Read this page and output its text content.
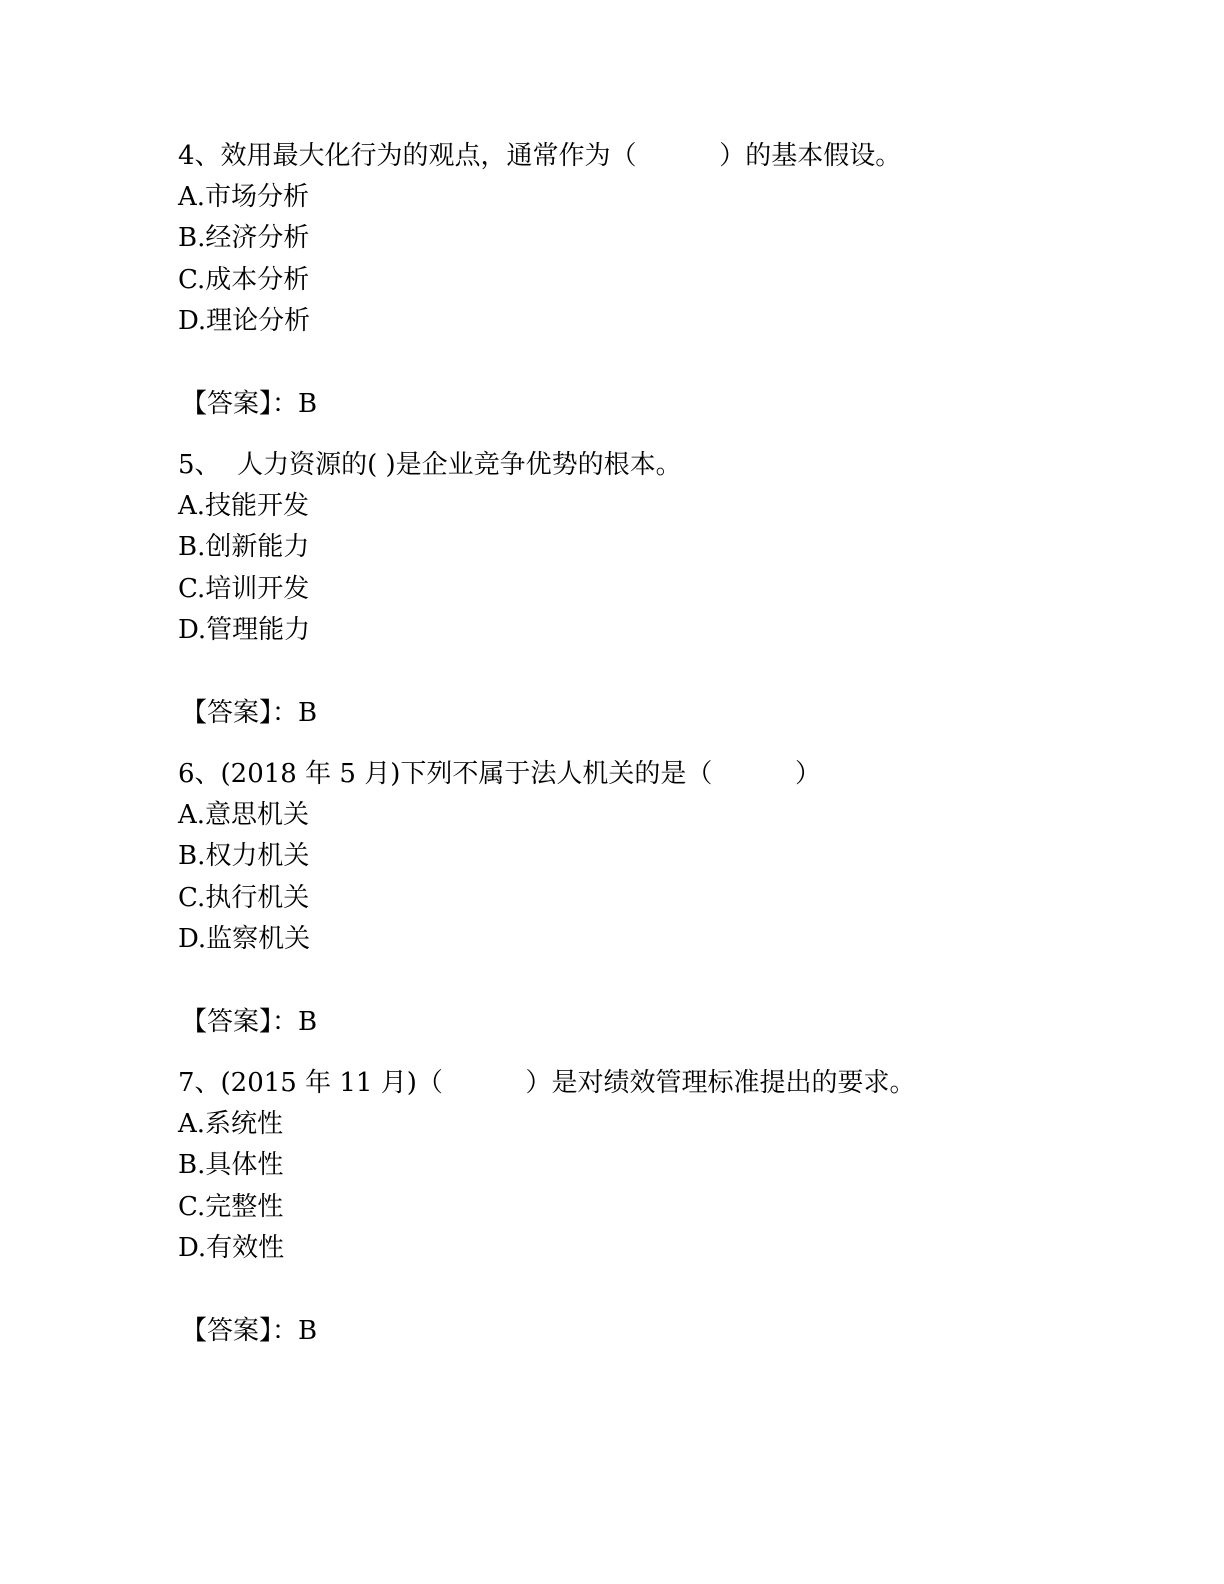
4、效用最大化行为的观点，通常作为（          ）的基本假设。
A.市场分析
B.经济分析
C.成本分析
D.理论分析
【答案】：B
5、  人力资源的( )是企业竞争优势的根本。
A.技能开发
B.创新能力
C.培训开发
D.管理能力
【答案】：B
6、(2018 年 5 月)下列不属于法人机关的是（          ）
A.意思机关
B.权力机关
C.执行机关
D.监察机关
【答案】：B
7、(2015 年 11 月)（          ）是对绩效管理标准提出的要求。
A.系统性
B.具体性
C.完整性
D.有效性
【答案】：B
